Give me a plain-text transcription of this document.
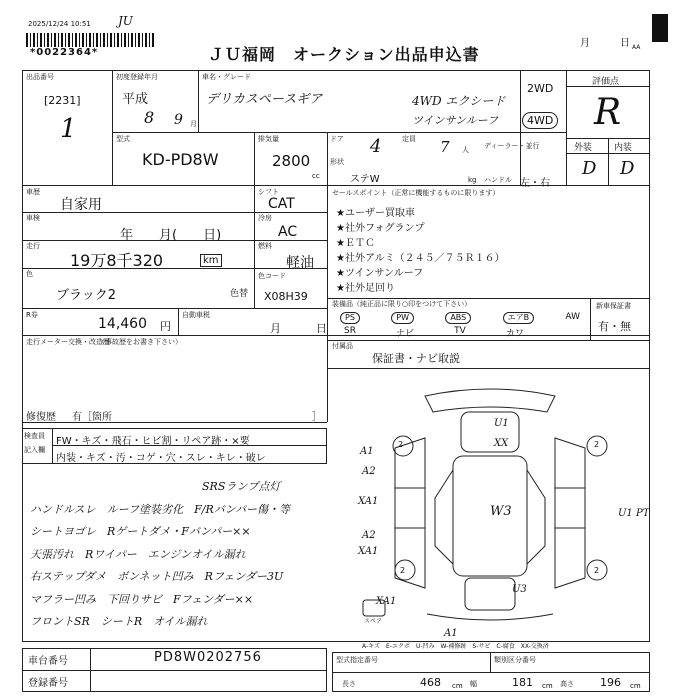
2025/12/24 10:51 JU
*0022364*	ＪＵ福岡　オークション出品申込書
月	日 AA
出品番号
[2231]
1
初度登録年月
平成
8 9 月
車名・グレード
デリカスペースギア	4WD エクシード
ツインサンルーフ
2WD
4WD
評価点
R
外装 内装
D D
型式
KD-PD8W
排気量
2800
cc
ドア 4	定員 7 人
形状
ステW	kg
ディーラー・並行
ハンドル 左・右
車歴
自家用
シフト
CAT
車検
年　　月(　　日)
冷房
AC
走行
19万8千320	km
燃料
軽油
色
ブラック2	色替
色コード
X08H39
R券
14,460 円
自動車税
月	日
セールスポイント（正常に機能するものに限ります）
★ユーザー買取車
★社外フォグランプ
★ＥＴＣ
★社外アルミ（２４５／７５Ｒ１６）
★ツインサンルーフ
★社外足回り
装備品（純正品に限り○印をつけて下さい）	新車保証書
有・無
PS	PW	ABS	エアB	AW
SR	ナビ	TV	カワ
付属品
保証書・ナビ取説
走行メーター交換・改造歴
（事故歴をお書き下さい）
修復歴 有［箇所	］
検査員
記入欄
FW・キズ・飛石・ヒビ割・リペア跡・×要
内装・キズ・汚・コゲ・穴・スレ・キレ・破レ
SRSランプ点灯
ハンドルスレ　ルーフ塗装劣化　F/Rバンパー傷・等
シートヨゴレ　Rゲートダメ・Fバンパー××
天張汚れ　Rワイパー　エンジンオイル漏れ
右ステップダメ　ボンネット凹み　Rフェンダー3U
マフラー凹み　下回りサビ　Fフェンダー××
フロントSR　シートR　オイル漏れ
U1
XX
A1
A2
XA1
A2
XA1
XA1
W3	U1 PT
U3
A1
2	2
2	2
スペア
A-キズ　E-エクボ　U-凹み　W-補修跡　S-サビ　C-腐食　XX-交換済
車台番号	PD8W0202756
登録番号
型式指定番号	類別区分番号
長さ	468 cm 幅	181 cm 高さ 196 cm
